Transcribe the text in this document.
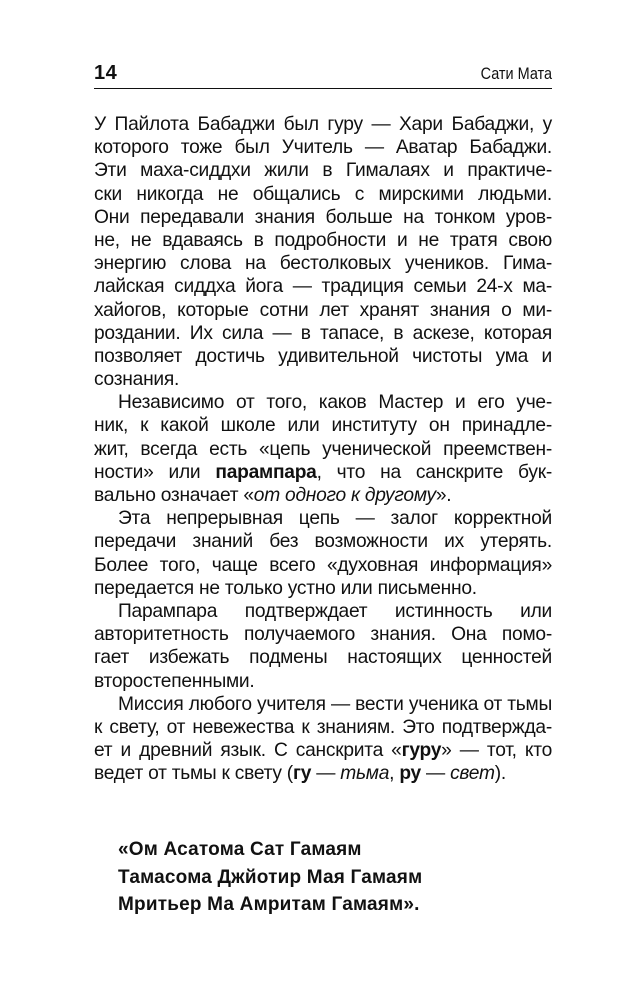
14	Сати Мата
У Пайлота Бабаджи был гуру — Хари Бабаджи, у
которого тоже был Учитель — Аватар Бабаджи.
Эти маха-сиддхи жили в Гималаях и практиче-
ски никогда не общались с мирскими людьми.
Они передавали знания больше на тонком уров-
не, не вдаваясь в подробности и не тратя свою
энергию слова на бестолковых учеников. Гима-
лайская сиддха йога — традиция семьи 24-х ма-
хайогов, которые сотни лет хранят знания о ми-
роздании. Их сила — в тапасе, в аскезе, которая
позволяет достичь удивительной чистоты ума и
сознания.
Независимо от того, каков Мастер и его уче-
ник, к какой школе или институту он принадле-
жит, всегда есть «цепь ученической преемствен-
ности» или парампара, что на санскрите бук-
вально означает «от одного к другому».
Эта непрерывная цепь — залог корректной
передачи знаний без возможности их утерять.
Более того, чаще всего «духовная информация»
передается не только устно или письменно.
Парампара подтверждает истинность или
авторитетность получаемого знания. Она помо-
гает избежать подмены настоящих ценностей
второстепенными.
Миссия любого учителя — вести ученика от тьмы
к свету, от невежества к знаниям. Это подтвержда-
ет и древний язык. С санскрита «гуру» — тот, кто
ведет от тьмы к свету (гу — тьма, ру — свет).
«Ом Асатома Сат Гамаям
Тамасома Джйотир Мая Гамаям
Мритьер Ма Амритам Гамаям».
